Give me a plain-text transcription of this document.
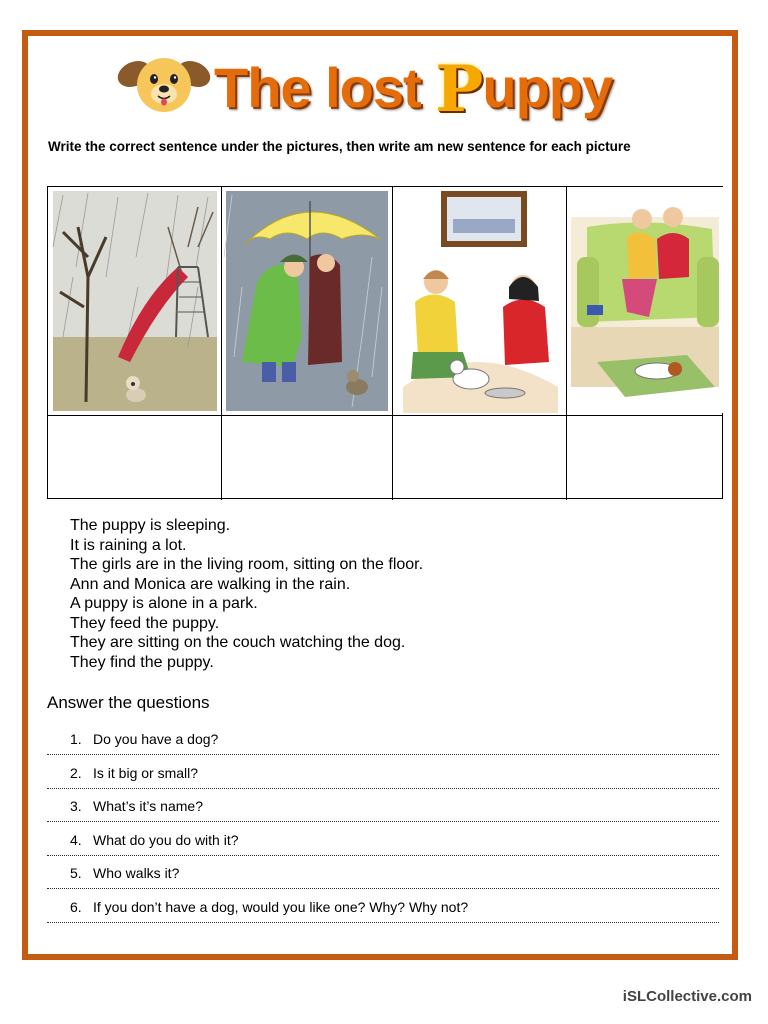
The lost Puppy
Write the correct sentence under the pictures, then write am new sentence for each picture
The puppy is sleeping.
It is raining a lot.
The girls are in the living room, sitting on the floor.
Ann and Monica are walking in the rain.
A puppy is alone in a park.
They feed the puppy.
They are sitting on the couch watching the dog.
They find the puppy.
Answer the questions
1. Do you have a dog?
2. Is it big or small?
3. What’s it’s name?
4. What do you do with it?
5. Who walks it?
6. If you don’t have a dog, would you like one? Why? Why not?
iSLCollective.com
